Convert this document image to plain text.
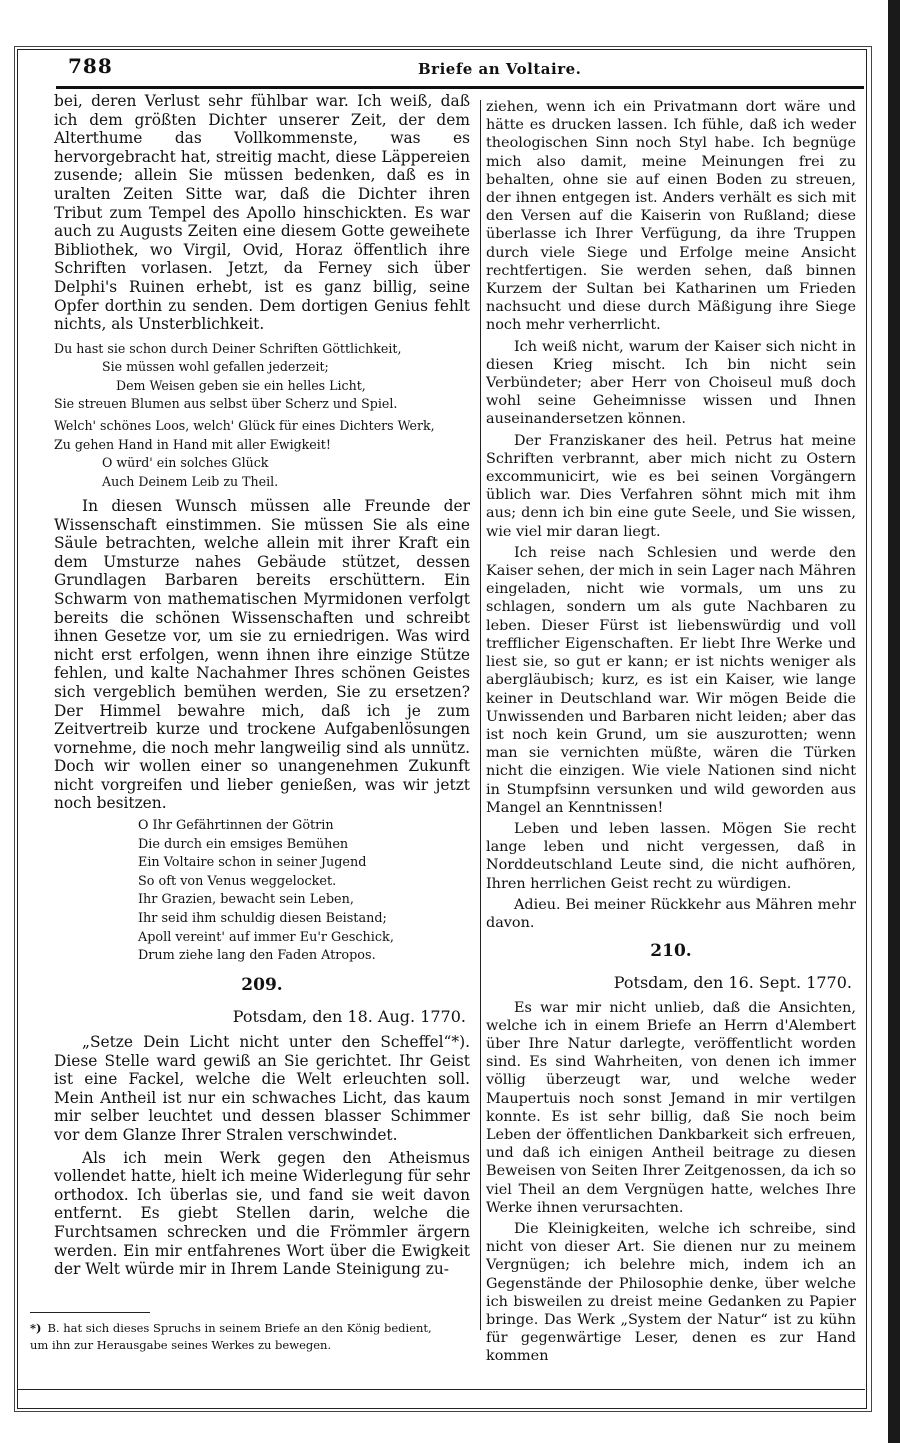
788	Briefe an Voltaire.

bei, deren Verlust sehr fühlbar war. Ich weiß, daß ich dem größten Dichter unserer Zeit, der dem Alterthume das Vollkommenste, was es hervorgebracht hat, streitig macht, diese Läppereien zusende; allein Sie müssen bedenken, daß es in uralten Zeiten Sitte war, daß die Dichter ihren Tribut zum Tempel des Apollo hinschickten. Es war auch zu Augusts Zeiten eine diesem Gotte geweihete Bibliothek, wo Virgil, Ovid, Horaz öffentlich ihre Schriften vorlasen. Jetzt, da Ferney sich über Delphi's Ruinen erhebt, ist es ganz billig, seine Opfer dorthin zu senden. Dem dortigen Genius fehlt nichts, als Unsterblichkeit.

Du hast sie schon durch Deiner Schriften Göttlichkeit,
Sie müssen wohl gefallen jederzeit;
Dem Weisen geben sie ein helles Licht,
Sie streuen Blumen aus selbst über Scherz und Spiel.
Welch' schönes Loos, welch' Glück für eines Dichters Werk,
Zu gehen Hand in Hand mit aller Ewigkeit!
O würd' ein solches Glück
Auch Deinem Leib zu Theil.

In diesen Wunsch müssen alle Freunde der Wissenschaft einstimmen. Sie müssen Sie als eine Säule betrachten, welche allein mit ihrer Kraft ein dem Umsturze nahes Gebäude stützet, dessen Grundlagen Barbaren bereits erschüttern. Ein Schwarm von mathematischen Myrmidonen verfolgt bereits die schönen Wissenschaften und schreibt ihnen Gesetze vor, um sie zu erniedrigen. Was wird nicht erst erfolgen, wenn ihnen ihre einzige Stütze fehlen, und kalte Nachahmer Ihres schönen Geistes sich vergeblich bemühen werden, Sie zu ersetzen? Der Himmel bewahre mich, daß ich je zum Zeitvertreib kurze und trockene Aufgabenlösungen vornehme, die noch mehr langweilig sind als unnütz. Doch wir wollen einer so unangenehmen Zukunft nicht vorgreifen und lieber genießen, was wir jetzt noch besitzen.

O Ihr Gefährtinnen der Götrin
Die durch ein emsiges Bemühen
Ein Voltaire schon in seiner Jugend
So oft von Venus weggelocket.
Ihr Grazien, bewacht sein Leben,
Ihr seid ihm schuldig diesen Beistand;
Apoll vereint' auf immer Eu'r Geschick,
Drum ziehe lang den Faden Atropos.
209.
Potsdam, den 18. Aug. 1770.

„Setze Dein Licht nicht unter den Scheffel“*). Diese Stelle ward gewiß an Sie gerichtet. Ihr Geist ist eine Fackel, welche die Welt erleuchten soll. Mein Antheil ist nur ein schwaches Licht, das kaum mir selber leuchtet und dessen blasser Schimmer vor dem Glanze Ihrer Stralen verschwindet.

Als ich mein Werk gegen den Atheismus vollendet hatte, hielt ich meine Widerlegung für sehr orthodox. Ich überlas sie, und fand sie weit davon entfernt. Es giebt Stellen darin, welche die Furchtsamen schrecken und die Frömmler ärgern werden. Ein mir entfahrenes Wort über die Ewigkeit der Welt würde mir in Ihrem Lande Steinigung zu-

*) B. hat sich dieses Spruchs in seinem Briefe an den König bedient, um ihn zur Herausgabe seines Werkes zu bewegen.

ziehen, wenn ich ein Privatmann dort wäre und hätte es drucken lassen. Ich fühle, daß ich weder theologischen Sinn noch Styl habe. Ich begnüge mich also damit, meine Meinungen frei zu behalten, ohne sie auf einen Boden zu streuen, der ihnen entgegen ist. Anders verhält es sich mit den Versen auf die Kaiserin von Rußland; diese überlasse ich Ihrer Verfügung, da ihre Truppen durch viele Siege und Erfolge meine Ansicht rechtfertigen. Sie werden sehen, daß binnen Kurzem der Sultan bei Katharinen um Frieden nachsucht und diese durch Mäßigung ihre Siege noch mehr verherrlicht.

Ich weiß nicht, warum der Kaiser sich nicht in diesen Krieg mischt. Ich bin nicht sein Verbündeter; aber Herr von Choiseul muß doch wohl seine Geheimnisse wissen und Ihnen auseinandersetzen können.

Der Franziskaner des heil. Petrus hat meine Schriften verbrannt, aber mich nicht zu Ostern excommunicirt, wie es bei seinen Vorgängern üblich war. Dies Verfahren söhnt mich mit ihm aus; denn ich bin eine gute Seele, und Sie wissen, wie viel mir daran liegt.

Ich reise nach Schlesien und werde den Kaiser sehen, der mich in sein Lager nach Mähren eingeladen, nicht wie vormals, um uns zu schlagen, sondern um als gute Nachbaren zu leben. Dieser Fürst ist liebenswürdig und voll trefflicher Eigenschaften. Er liebt Ihre Werke und liest sie, so gut er kann; er ist nichts weniger als abergläubisch; kurz, es ist ein Kaiser, wie lange keiner in Deutschland war. Wir mögen Beide die Unwissenden und Barbaren nicht leiden; aber das ist noch kein Grund, um sie auszurotten; wenn man sie vernichten müßte, wären die Türken nicht die einzigen. Wie viele Nationen sind nicht in Stumpfsinn versunken und wild geworden aus Mangel an Kenntnissen!

Leben und leben lassen. Mögen Sie recht lange leben und nicht vergessen, daß in Norddeutschland Leute sind, die nicht aufhören, Ihren herrlichen Geist recht zu würdigen.

Adieu. Bei meiner Rückkehr aus Mähren mehr davon.

210.
Potsdam, den 16. Sept. 1770.

Es war mir nicht unlieb, daß die Ansichten, welche ich in einem Briefe an Herrn d'Alembert über Ihre Natur darlegte, veröffentlicht worden sind. Es sind Wahrheiten, von denen ich immer völlig überzeugt war, und welche weder Maupertuis noch sonst Jemand in mir vertilgen konnte. Es ist sehr billig, daß Sie noch beim Leben der öffentlichen Dankbarkeit sich erfreuen, und daß ich einigen Antheil beitrage zu diesen Beweisen von Seiten Ihrer Zeitgenossen, da ich so viel Theil an dem Vergnügen hatte, welches Ihre Werke ihnen verursachten.

Die Kleinigkeiten, welche ich schreibe, sind nicht von dieser Art. Sie dienen nur zu meinem Vergnügen; ich belehre mich, indem ich an Gegenstände der Philosophie denke, über welche ich bisweilen zu dreist meine Gedanken zu Papier bringe. Das Werk „System der Natur“ ist zu kühn für gegenwärtige Leser, denen es zur Hand kommen
